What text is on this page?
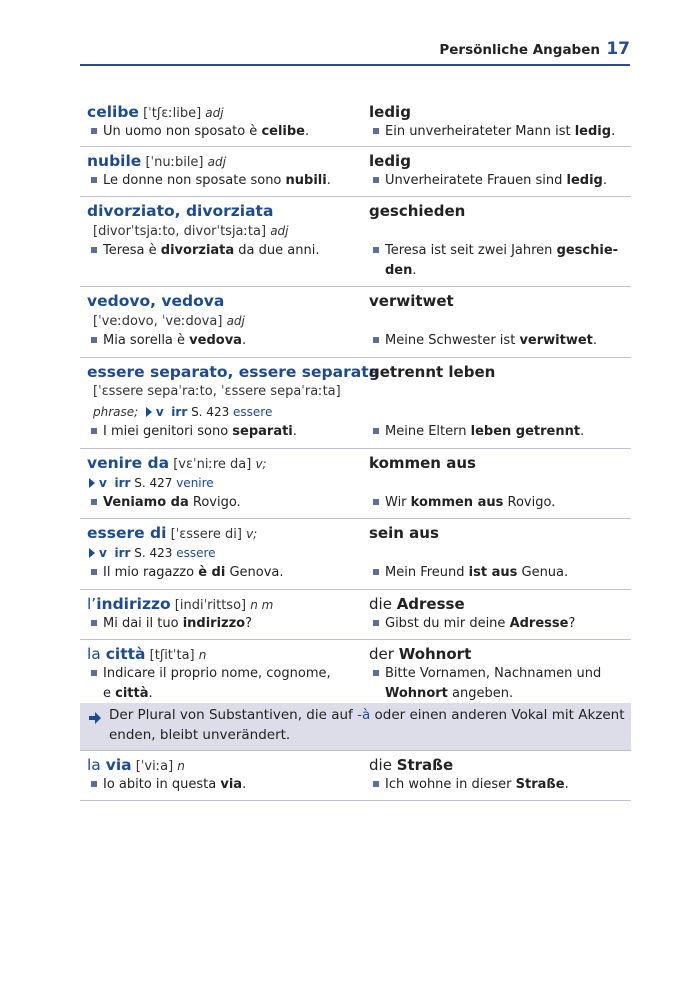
Persönliche Angaben 17
celibe [ˈtʃɛːlibe] adj
Un uomo non sposato è celibe.
ledig
Ein unverheirateter Mann ist ledig.
nubile [ˈnuːbile] adj
Le donne non sposate sono nubili.
ledig
Unverheiratete Frauen sind ledig.
divorziato, divorziata
[divorˈtsjaːto, divorˈtsjaːta] adj
Teresa è divorziata da due anni.
geschieden
Teresa ist seit zwei Jahren geschie-
den.
vedovo, vedova
[ˈveːdovo, ˈveːdova] adj
Mia sorella è vedova.
verwitwet
Meine Schwester ist verwitwet.
essere separato, essere separata
[ˈɛssere sepaˈraːto, ˈɛssere sepaˈraːta]
phrase; v irr S. 423 essere
I miei genitori sono separati.
getrennt leben
Meine Eltern leben getrennt.
venire da [vɛˈniːre da] v;
v irr S. 427 venire
Veniamo da Rovigo.
kommen aus
Wir kommen aus Rovigo.
essere di [ˈɛssere di] v;
v irr S. 423 essere
Il mio ragazzo è di Genova.
sein aus
Mein Freund ist aus Genua.
l’indirizzo [indiˈrittso] n m
Mi dai il tuo indirizzo?
die Adresse
Gibst du mir deine Adresse?
la città [tʃitˈta] n
Indicare il proprio nome, cognome,
e città.
der Wohnort
Bitte Vornamen, Nachnamen und
Wohnort angeben.
Der Plural von Substantiven, die auf -à oder einen anderen Vokal mit Akzent
enden, bleibt unverändert.
la via [ˈviːa] n
Io abito in questa via.
die Straße
Ich wohne in dieser Straße.
